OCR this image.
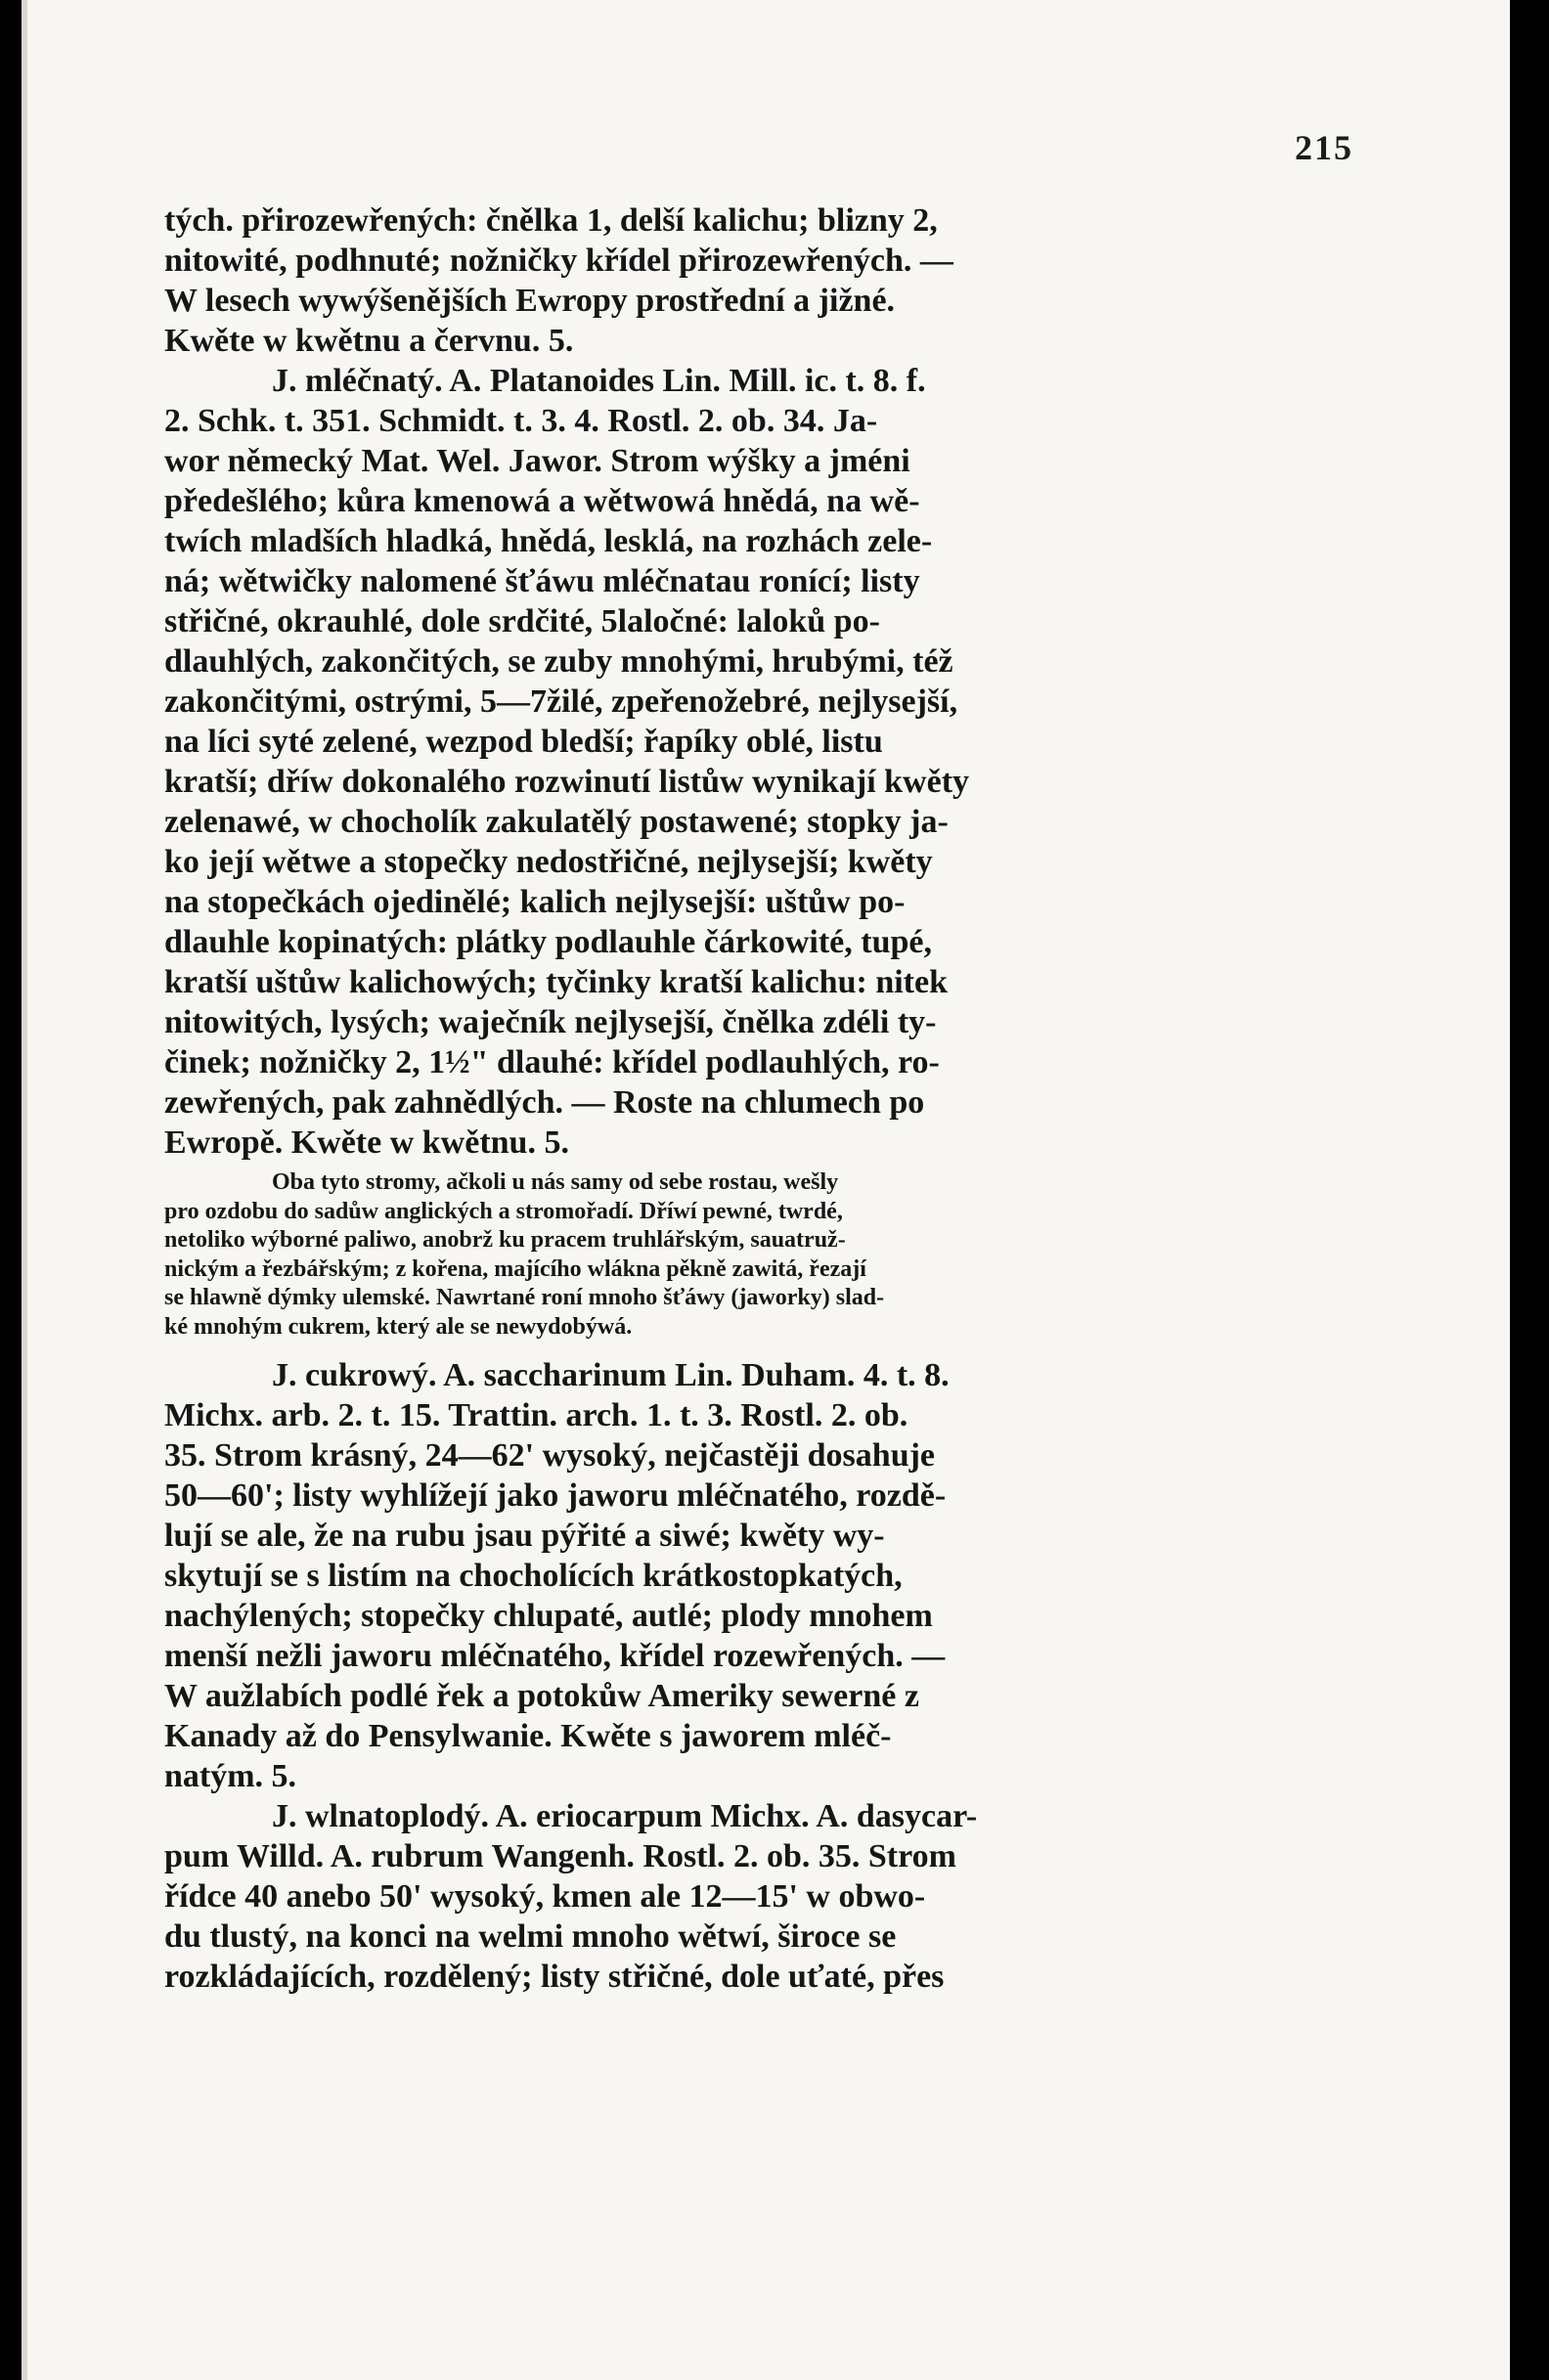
215

tých. přirozewřených: čnělka 1, delší kalichu; blizny 2,
nitowité, podhnuté; nožničky křídel přirozewřených. —
W lesech wywýšenějších Ewropy prostřední a jižné.
Kwěte w kwětnu a červnu. 5.

J. mléčnatý. A. Platanoides Lin. Mill. ic. t. 8. f.
2. Schk. t. 351. Schmidt. t. 3. 4. Rostl. 2. ob. 34. Ja-
wor německý Mat. Wel. Jawor. Strom wýšky a jméni
předešlého; kůra kmenowá a wětwowá hnědá, na wě-
twích mladších hladká, hnědá, lesklá, na rozhách zele-
ná; wětwičky nalomené šťáwu mléčnatau ronící; listy
střičné, okrauhlé, dole srdčité, 5laločné: laloků po-
dlauhlých, zakončitých, se zuby mnohými, hrubými, též
zakončitými, ostrými, 5—7žilé, zpeřenožebré, nejlysejší,
na líci syté zelené, wezpod bledší; řapíky oblé, listu
kratší; dříw dokonalého rozwinutí listůw wynikají kwěty
zelenawé, w chocholík zakulatělý postawené; stopky ja-
ko její wětwe a stopečky nedostřičné, nejlysejší; kwěty
na stopečkách ojedinělé; kalich nejlysejší: uštůw po-
dlauhle kopinatých: plátky podlauhle čárkowité, tupé,
kratší uštůw kalichowých; tyčinky kratší kalichu: nitek
nitowitých, lysých; waječník nejlysejší, čnělka zdéli ty-
činek; nožničky 2, 1½" dlauhé: křídel podlauhlých, ro-
zewřených, pak zahnědlých. — Roste na chlumech po
Ewropě. Kwěte w kwětnu. 5.

Oba tyto stromy, ačkoli u nás samy od sebe rostau, wešly
pro ozdobu do sadůw anglických a stromořadí. Dříwí pewné, twrdé,
netoliko wýborné paliwo, anobrž ku pracem truhlářským, sauatruž-
nickým a řezbářským; z kořena, majícího wlákna pěkně zawitá, řezají
se hlawně dýmky ulemské. Nawrtané roní mnoho šťáwy (jaworky) slad-
ké mnohým cukrem, který ale se newydobýwá.

J. cukrowý. A. saccharinum Lin. Duham. 4. t. 8.
Michx. arb. 2. t. 15. Trattin. arch. 1. t. 3. Rostl. 2. ob.
35. Strom krásný, 24—62' wysoký, nejčastěji dosahuje
50—60'; listy wyhlížejí jako jaworu mléčnatého, rozdě-
lují se ale, že na rubu jsau pýřité a siwé; kwěty wy-
skytují se s listím na chocholících krátkostopkatých,
nachýlených; stopečky chlupaté, autlé; plody mnohem
menší nežli jaworu mléčnatého, křídel rozewřených. —
W aužlabích podlé řek a potokůw Ameriky sewerné z
Kanady až do Pensylwanie. Kwěte s jaworem mléč-
natým. 5.

J. wlnatoplodý. A. eriocarpum Michx. A. dasycar-
pum Willd. A. rubrum Wangenh. Rostl. 2. ob. 35. Strom
řídce 40 anebo 50' wysoký, kmen ale 12—15' w obwo-
du tlustý, na konci na welmi mnoho wětwí, široce se
rozkládajících, rozdělený; listy střičné, dole uťaté, přes
